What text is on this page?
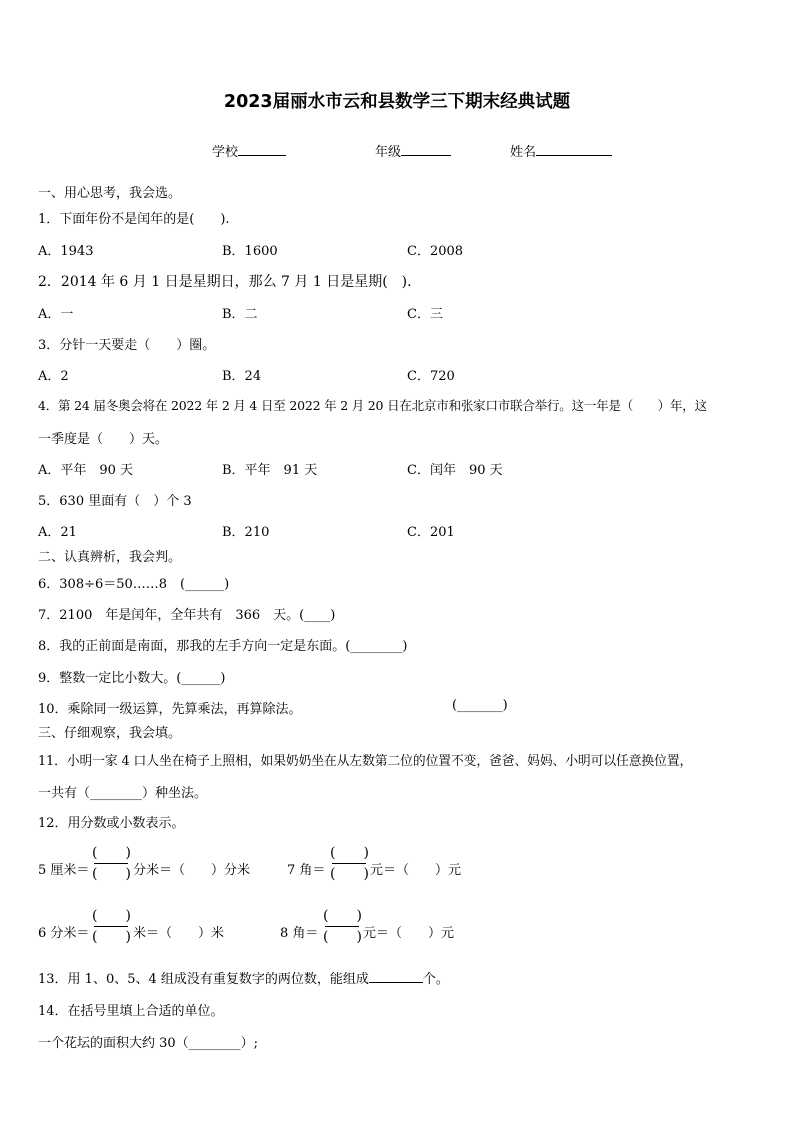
2023届丽水市云和县数学三下期末经典试题
学校	年级	姓名
一、用心思考，我会选。
1．下面年份不是闰年的是(　　).
A．1943	B．1600	C．2008
2．2014 年 6 月 1 日是星期日，那么 7 月 1 日是星期(　).
A．一	B．二	C．三
3．分针一天要走（　　）圈。
A．2	B．24	C．720
4．第 24 届冬奥会将在 2022 年 2 月 4 日至 2022 年 2 月 20 日在北京市和张家口市联合举行。这一年是（　　）年，这
一季度是（　　）天。
A．平年　90 天	B．平年　91 天	C．闰年　90 天
5．630 里面有（　）个 3
A．21	B．210	C．201
二、认真辨析，我会判。
6．308÷6＝50……8　(______)
7．2100　年是闰年，全年共有　366　天。(____)
8．我的正前面是南面，那我的左手方向一定是东面。(________)
9．整数一定比小数大。(______)
10．乘除同一级运算，先算乘法，再算除法。	(_______)
三、仔细观察，我会填。
11．小明一家 4 口人坐在椅子上照相，如果奶奶坐在从左数第二位的位置不变，爸爸、妈妈、小明可以任意换位置，
一共有（________）种坐法。
12．用分数或小数表示。
5 厘米＝
(　　)
(　　) 分米＝（　　）分米	7 角＝
(　　)
(　　) 元＝（　　）元
6 分米＝
(　　)
(　　) 米＝（　　）米	8 角＝
(　　)
(　　) 元＝（　　）元
13．用 1、0、5、4 组成没有重复数字的两位数，能组成	个。
14．在括号里填上合适的单位。
一个花坛的面积大约 30（________）;
